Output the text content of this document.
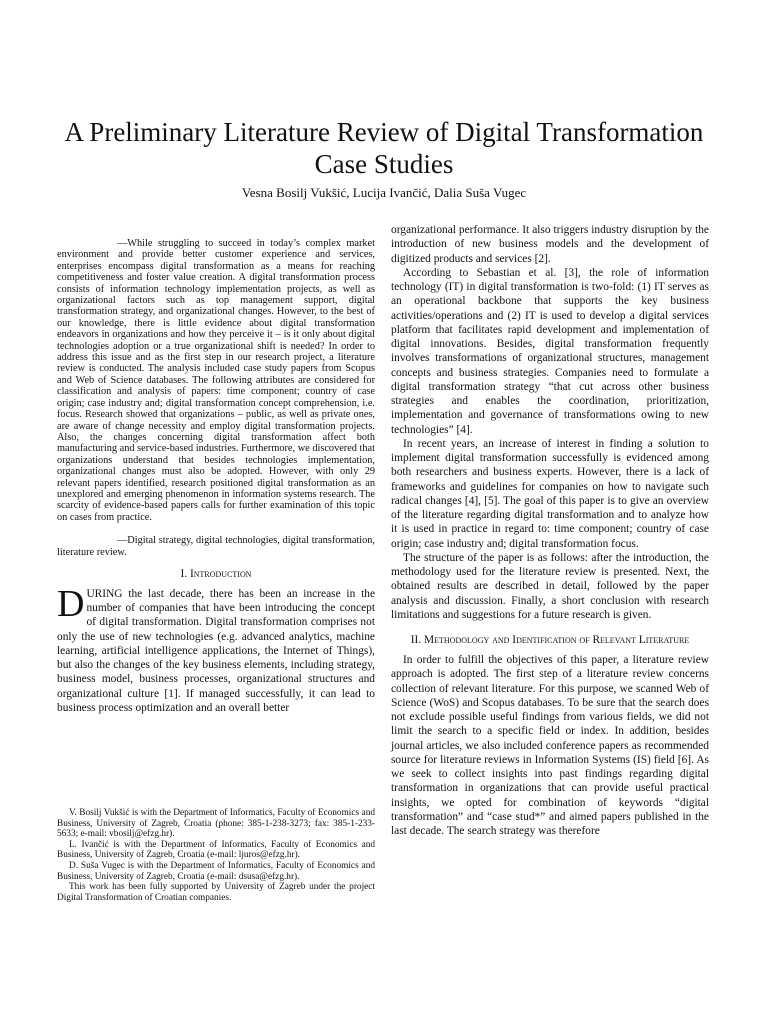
A Preliminary Literature Review of Digital Transformation Case Studies
Vesna Bosilj Vukšić, Lucija Ivančić, Dalia Suša Vugec

—While struggling to succeed in today’s complex market environment and provide better customer experience and services, enterprises encompass digital transformation as a means for reaching competitiveness and foster value creation. A digital transformation process consists of information technology implementation projects, as well as organizational factors such as top management support, digital transformation strategy, and organizational changes. However, to the best of our knowledge, there is little evidence about digital transformation endeavors in organizations and how they perceive it – is it only about digital technologies adoption or a true organizational shift is needed? In order to address this issue and as the first step in our research project, a literature review is conducted. The analysis included case study papers from Scopus and Web of Science databases. The following attributes are considered for classification and analysis of papers: time component; country of case origin; case industry and; digital transformation concept comprehension, i.e. focus. Research showed that organizations – public, as well as private ones, are aware of change necessity and employ digital transformation projects. Also, the changes concerning digital transformation affect both manufacturing and service-based industries. Furthermore, we discovered that organizations understand that besides technologies implementation, organizational changes must also be adopted. However, with only 29 relevant papers identified, research positioned digital transformation as an unexplored and emerging phenomenon in information systems research. The scarcity of evidence-based papers calls for further examination of this topic on cases from practice.

—Digital strategy, digital technologies, digital transformation, literature review.

I. Introduction

DURING the last decade, there has been an increase in the number of companies that have been introducing the concept of digital transformation. Digital transformation comprises not only the use of new technologies (e.g. advanced analytics, machine learning, artificial intelligence applications, the Internet of Things), but also the changes of the key business elements, including strategy, business model, business processes, organizational structures and organizational culture [1]. If managed successfully, it can lead to business process optimization and an overall better

V. Bosilj Vukšić is with the Department of Informatics, Faculty of Economics and Business, University of Zagreb, Croatia (phone: 385-1-238-3273; fax: 385-1-233-5633; e-mail: vbosilj@efzg.hr).

L. Ivančić is with the Department of Informatics, Faculty of Economics and Business, University of Zagreb, Croatia (e-mail: ljuros@efzg.hr).

D. Suša Vugec is with the Department of Informatics, Faculty of Economics and Business, University of Zagreb, Croatia (e-mail: dsusa@efzg.hr).

This work has been fully supported by University of Zagreb under the project Digital Transformation of Croatian companies.

organizational performance. It also triggers industry disruption by the introduction of new business models and the development of digitized products and services [2].

According to Sebastian et al. [3], the role of information technology (IT) in digital transformation is two-fold: (1) IT serves as an operational backbone that supports the key business activities/operations and (2) IT is used to develop a digital services platform that facilitates rapid development and implementation of digital innovations. Besides, digital transformation frequently involves transformations of organizational structures, management concepts and business strategies. Companies need to formulate a digital transformation strategy “that cut across other business strategies and enables the coordination, prioritization, implementation and governance of transformations owing to new technologies” [4].

In recent years, an increase of interest in finding a solution to implement digital transformation successfully is evidenced among both researchers and business experts. However, there is a lack of frameworks and guidelines for companies on how to navigate such radical changes [4], [5]. The goal of this paper is to give an overview of the literature regarding digital transformation and to analyze how it is used in practice in regard to: time component; country of case origin; case industry and; digital transformation focus.

The structure of the paper is as follows: after the introduction, the methodology used for the literature review is presented. Next, the obtained results are described in detail, followed by the paper analysis and discussion. Finally, a short conclusion with research limitations and suggestions for a future research is given.

II. Methodology and Identification of Relevant Literature

In order to fulfill the objectives of this paper, a literature review approach is adopted. The first step of a literature review concerns collection of relevant literature. For this purpose, we scanned Web of Science (WoS) and Scopus databases. To be sure that the search does not exclude possible useful findings from various fields, we did not limit the search to a specific field or index. In addition, besides journal articles, we also included conference papers as recommended source for literature reviews in Information Systems (IS) field [6]. As we seek to collect insights into past findings regarding digital transformation in organizations that can provide useful practical insights, we opted for combination of keywords “digital transformation” and “case stud*” and aimed papers published in the last decade. The search strategy was therefore
